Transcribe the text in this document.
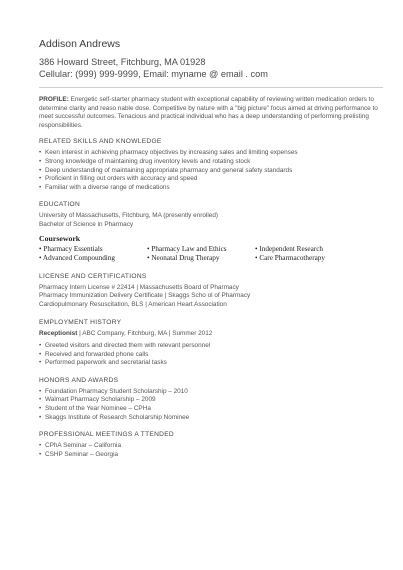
Addison Andrews
386 Howard Street, Fitchburg, MA 01928
Cellular: (999) 999-9999, Email: myname @ email . com

PROFILE: Energetic self-starter pharmacy student with exceptional capability of reviewing written medication orders to determine clarity and reaso nable dose. Competitive by nature with a "big picture" focus aimed at driving performance to meet successful outcomes. Tenacious and practical individual who has a deep understanding of performing prelisting responsibilities.

RELATED SKILLS AND KNOWLEDGE
• Keen interest in achieving pharmacy objectives by increasing sales and limiting expenses
• Strong knowledge of maintaining drug inventory levels and rotating stock
• Deep understanding of maintaining appropriate pharmacy and general safety standards
• Proficient in filling out orders with accuracy and speed
• Familiar with a diverse range of medications
EDUCATION
University of Massachusetts, Fitchburg, MA (presently enrolled)
Bachelor of Science in Pharmacy
Coursework
• Pharmacy Essentials	• Pharmacy Law and Ethics	• Independent Research
• Advanced Compounding	• Neonatal Drug Therapy	• Care Pharmacotherapy
LICENSE AND CERTIFICATIONS
Pharmacy Intern License # 22414 | Massachusetts Board of Pharmacy
Pharmacy Immunization Delivery Certificate | Skaggs Scho ol of Pharmacy
Cardiopulmonary Resuscitation, BLS | American Heart Association
EMPLOYMENT HISTORY
Receptionist | ABC Company, Fitchburg, MA | Summer 2012
• Greeted visitors and directed them with relevant personnel
• Received and forwarded phone calls
• Performed paperwork and secretarial tasks
HONORS AND AWARDS
• Foundation Pharmacy Student Scholarship – 2010
• Walmart Pharmacy Scholarship – 2009
• Student of the Year Nominee – CPHa
• Skaggs Institute of Research Scholarship Nominee
PROFESSIONAL MEETINGS A TTENDED
• CPhA Seminar – California
• CSHP Seminar – Georgia
